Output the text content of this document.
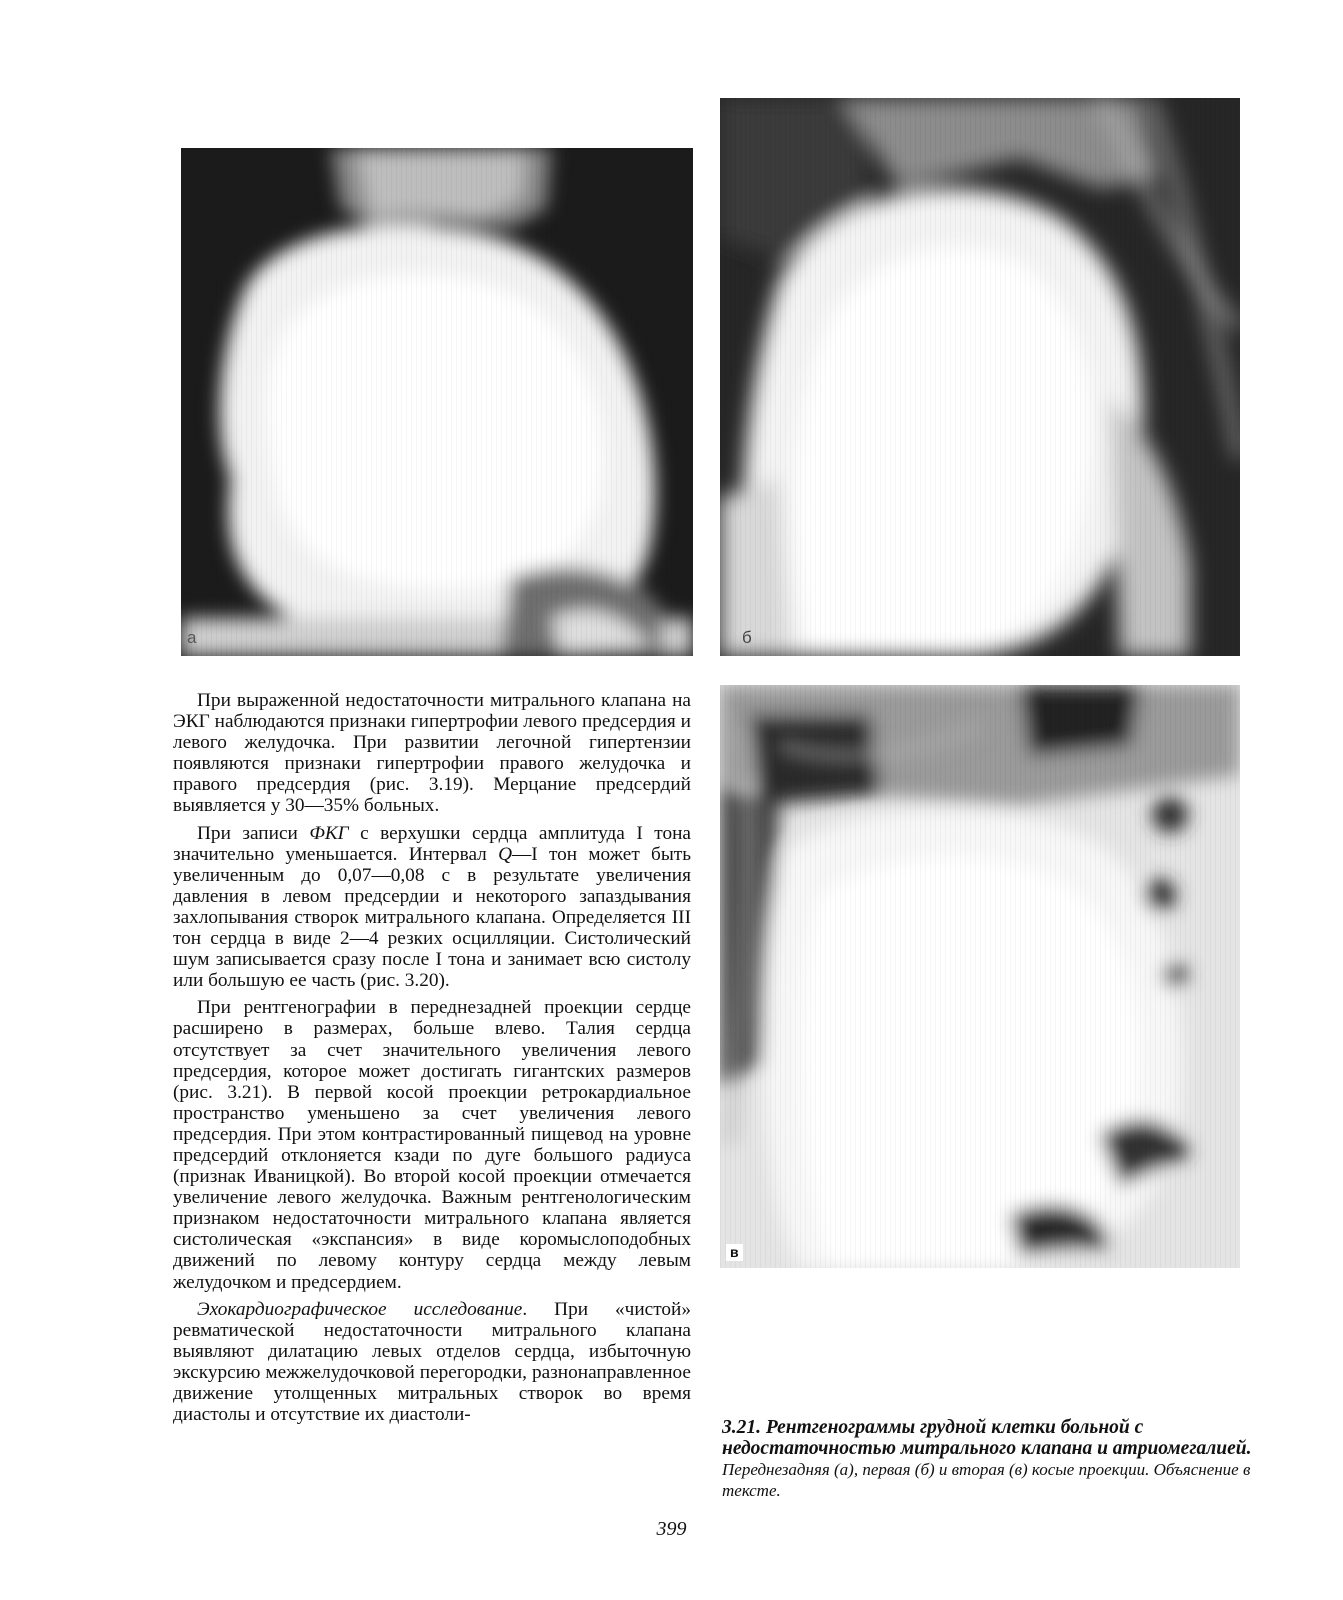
а	б
в

При выраженной недостаточности митрального клапана на ЭКГ наблюдаются признаки гипертрофии левого предсердия и левого желудочка. При развитии легочной гипертензии появляются признаки гипертрофии правого желудочка и правого предсердия (рис. 3.19). Мерцание предсердий выявляется у 30—35% больных.

При записи ФКГ с верхушки сердца амплитуда I тона значительно уменьшается. Интервал Q—I тон может быть увеличенным до 0,07—0,08 с в результате увеличения давления в левом предсердии и некоторого запаздывания захлопывания створок митрального клапана. Определяется III тон сердца в виде 2—4 резких осцилляции. Систолический шум записывается сразу после I тона и занимает всю систолу или большую ее часть (рис. 3.20).

При рентгенографии в переднезадней проекции сердце расширено в размерах, больше влево. Талия сердца отсутствует за счет значительного увеличения левого предсердия, которое может достигать гигантских размеров (рис. 3.21). В первой косой проекции ретрокардиальное пространство уменьшено за счет увеличения левого предсердия. При этом контрастированный пищевод на уровне предсердий отклоняется кзади по дуге большого радиуса (признак Иваницкой). Во второй косой проекции отмечается увеличение левого желудочка. Важным рентгенологическим признаком недостаточности митрального клапана является систолическая «экспансия» в виде коромыслоподобных движений по левому контуру сердца между левым желудочком и предсердием.

Эхокардиографическое исследование. При «чистой» ревматической недостаточности митрального клапана выявляют дилатацию левых отделов сердца, избыточную экскурсию межжелудочковой перегородки, разнонаправленное движение утолщенных митральных створок во время диастолы и отсутствие их диастоли-

3.21. Рентгенограммы грудной клетки больной с недостаточностью митрального клапана и атриомегалией.
Переднезадняя (а), первая (б) и вторая (в) косые проекции. Объяснение в тексте.
399
